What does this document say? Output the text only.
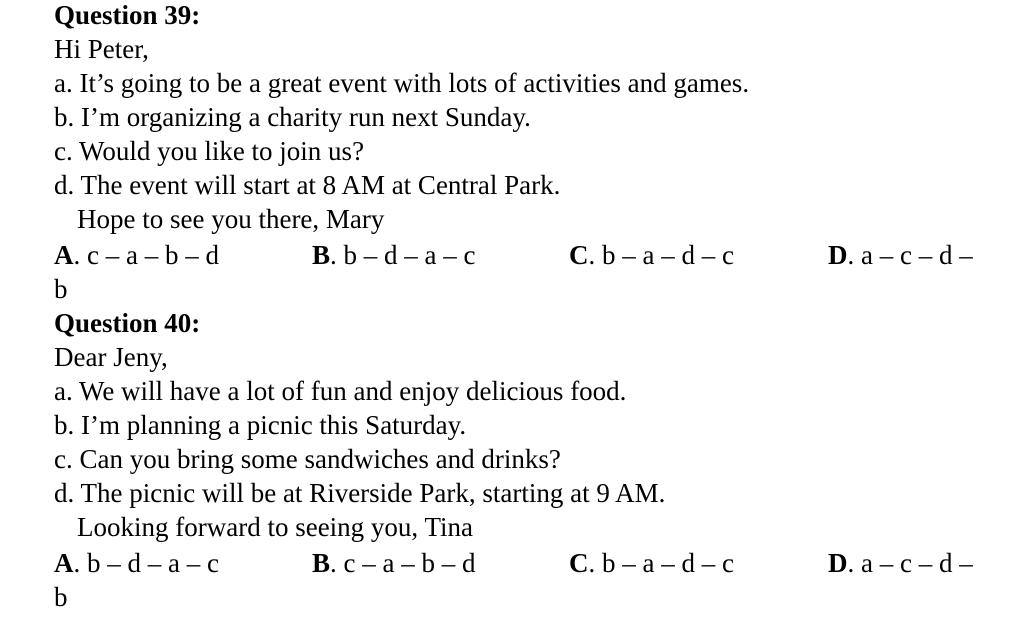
Question 39:
Hi Peter,
a. It’s going to be a great event with lots of activities and games.
b. I’m organizing a charity run next Sunday.
c. Would you like to join us?
d. The event will start at 8 AM at Central Park.
Hope to see you there, Mary
A. c – a – b – d	B. b – d – a – c	C. b – a – d – c	D. a – c – d –
b
Question 40:
Dear Jeny,
a. We will have a lot of fun and enjoy delicious food.
b. I’m planning a picnic this Saturday.
c. Can you bring some sandwiches and drinks?
d. The picnic will be at Riverside Park, starting at 9 AM.
Looking forward to seeing you, Tina
A. b – d – a – c	B. c – a – b – d	C. b – a – d – c	D. a – c – d –
b
